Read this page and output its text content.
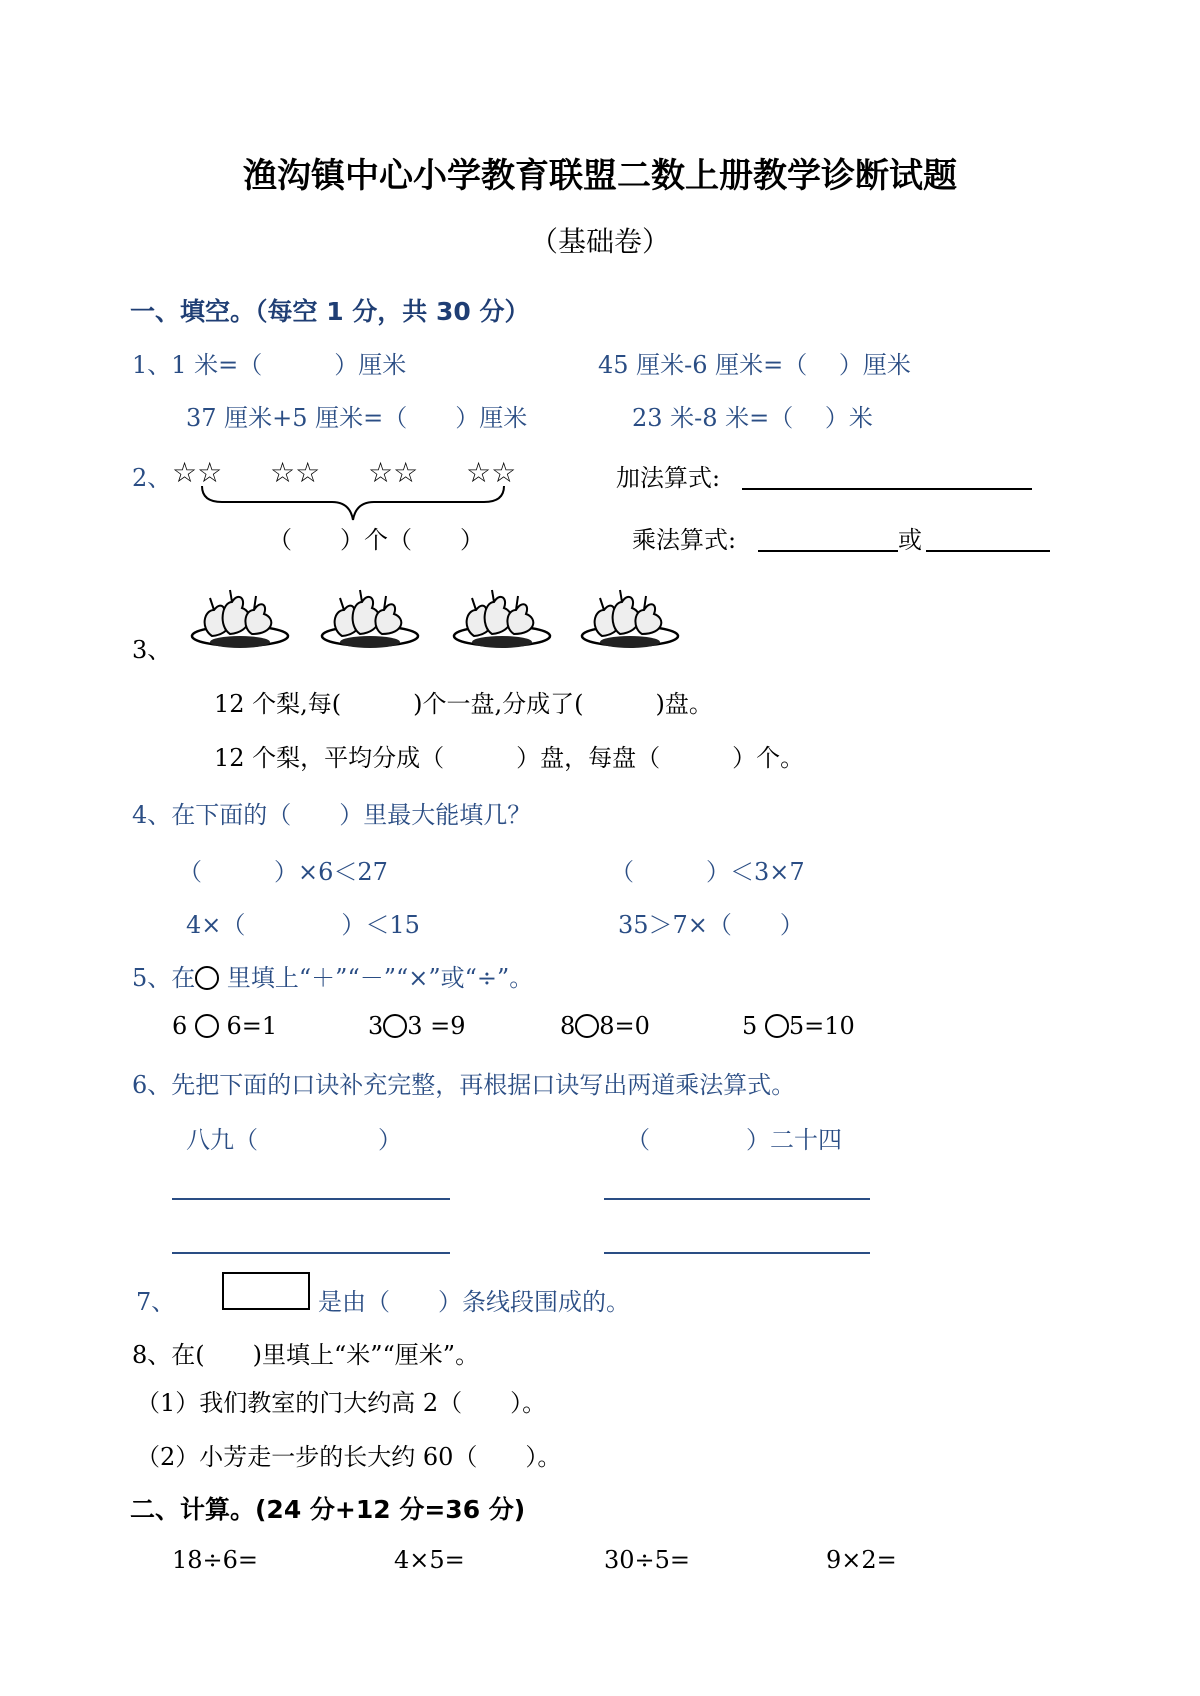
渔沟镇中心小学教育联盟二数上册教学诊断试题
（基础卷）
一、填空。（每空 1 分，共 30 分）
1、1 米=（　　　）厘米	45 厘米-6 厘米=（　 ）厘米
37 厘米+5 厘米=（　　）厘米	23 米-8 米=（　 ）米
2、 ☆☆ ☆☆ ☆☆ ☆☆
（　　）个（　　）
加法算式:
乘法算式:	或
3、
12 个梨,每(　　　)个一盘,分成了(　　　)盘。
12 个梨，平均分成（　　　）盘，每盘（　　　）个。
4、在下面的（　　）里最大能填几？
（　　　）×6＜27	（　　　）＜3×7
4×（　　　　）＜15	35＞7×（　　）
5、在 里填上“＋”“－”“×”或“÷”。
6  6=1	3 3 =9	8 8=0	5 5=10
6、先把下面的口诀补充完整，再根据口诀写出两道乘法算式。
八九（　　　　　）	（　　　　）二十四
7、	是由（　　）条线段围成的。
8、在(　　)里填上“米”“厘米”。
（1）我们教室的门大约高 2（　　）。
（2）小芳走一步的长大约 60（　　）。
二、计算。(24 分+12 分=36 分)
18÷6=	4×5=	30÷5=	9×2=
